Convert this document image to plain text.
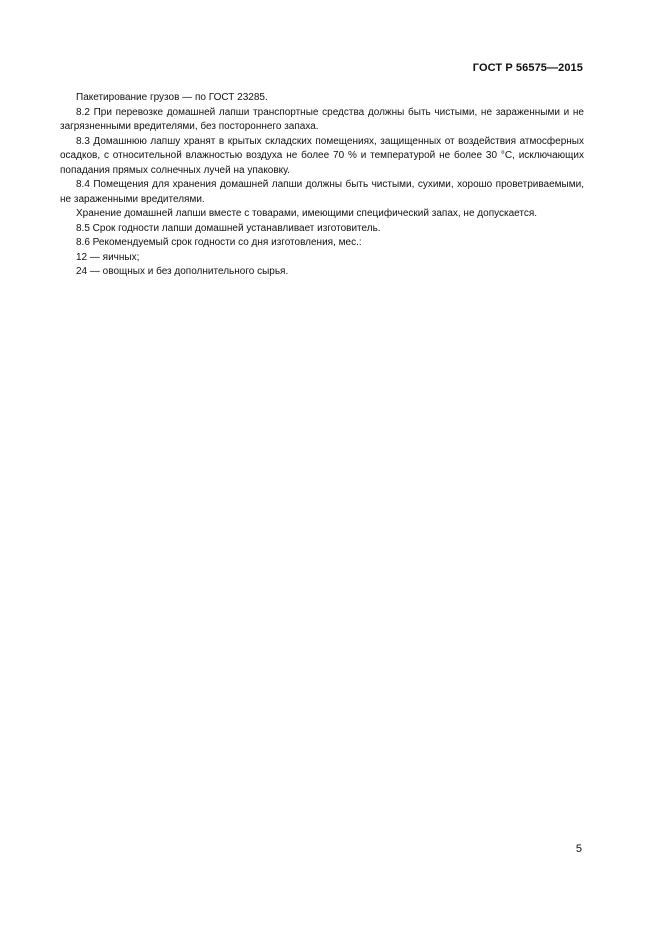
ГОСТ Р 56575—2015

Пакетирование грузов — по ГОСТ 23285.

8.2 При перевозке домашней лапши транспортные средства должны быть чистыми, не зараженными и не загрязненными вредителями, без постороннего запаха.

8.3 Домашнюю лапшу хранят в крытых складских помещениях, защищенных от воздействия атмосферных осадков, с относительной влажностью воздуха не более 70 % и температурой не более 30 °С, исключающих попадания прямых солнечных лучей на упаковку.

8.4 Помещения для хранения домашней лапши должны быть чистыми, сухими, хорошо проветриваемыми, не зараженными вредителями.

Хранение домашней лапши вместе с товарами, имеющими специфический запах, не допускается.

8.5 Срок годности лапши домашней устанавливает изготовитель.

8.6 Рекомендуемый срок годности со дня изготовления, мес.:

12 — яичных;

24 — овощных и без дополнительного сырья.

5
